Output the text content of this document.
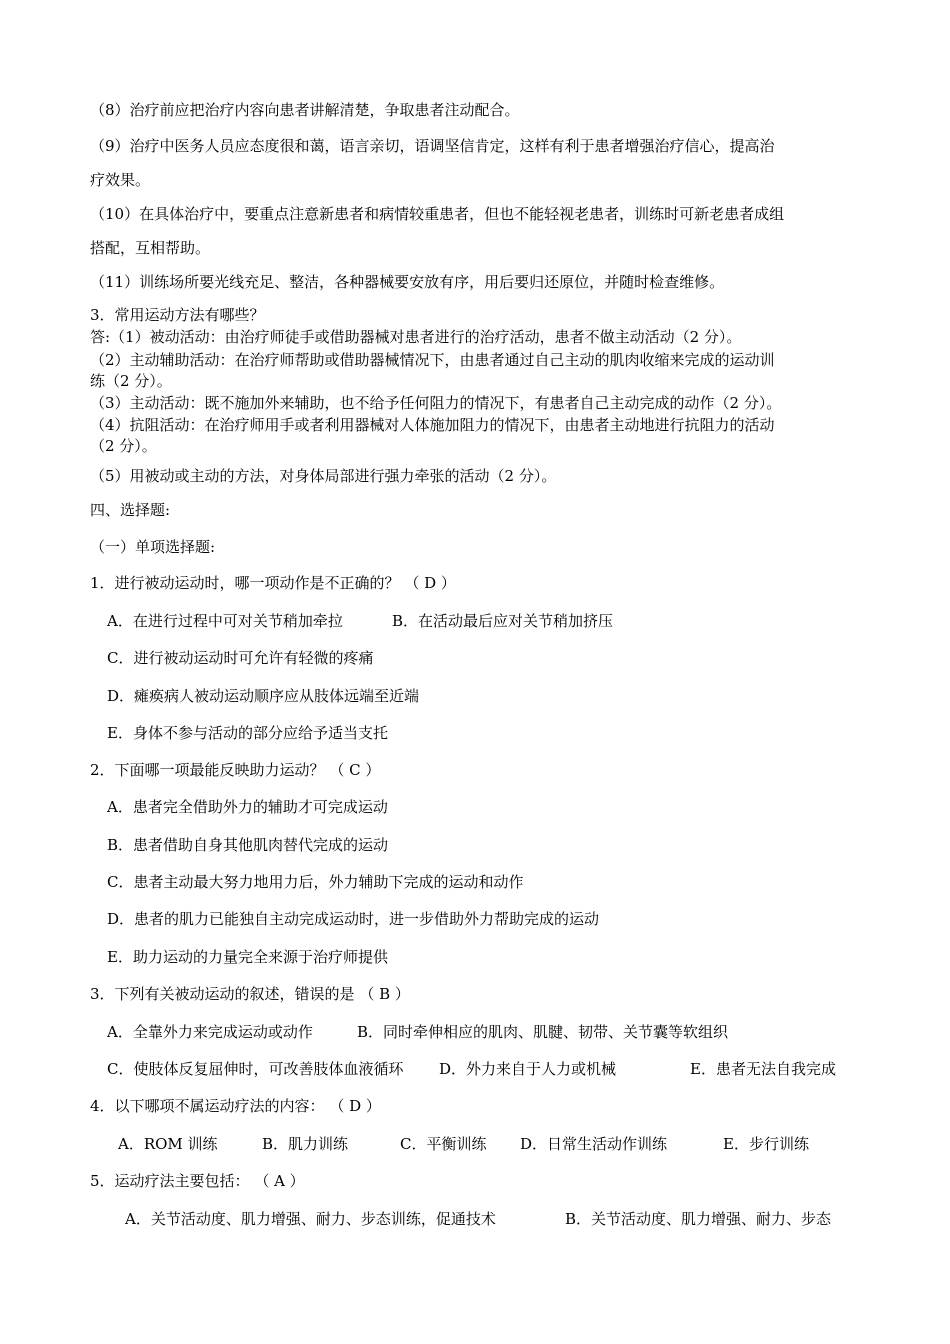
（8）治疗前应把治疗内容向患者讲解清楚，争取患者注动配合。
（9）治疗中医务人员应态度很和蔼，语言亲切，语调坚信肯定，这样有利于患者增强治疗信心，提高治
疗效果。
（10）在具体治疗中，要重点注意新患者和病情较重患者，但也不能轻视老患者，训练时可新老患者成组
搭配，互相帮助。
（11）训练场所要光线充足、整洁，各种器械要安放有序，用后要归还原位，并随时检查维修。
3．常用运动方法有哪些？
答:（1）被动活动：由治疗师徒手或借助器械对患者进行的治疗活动，患者不做主动活动（2 分）。
（2）主动辅助活动：在治疗师帮助或借助器械情况下，由患者通过自己主动的肌肉收缩来完成的运动训
练（2 分）。
（3）主动活动：既不施加外来辅助，也不给予任何阻力的情况下，有患者自己主动完成的动作（2 分）。
（4）抗阻活动：在治疗师用手或者利用器械对人体施加阻力的情况下，由患者主动地进行抗阻力的活动
（2 分）。
（5）用被动或主动的方法，对身体局部进行强力牵张的活动（2 分）。
四、选择题:
（一）单项选择题:
1．进行被动运动时，哪一项动作是不正确的？ （ D ）
A．在进行过程中可对关节稍加牵拉	B．在活动最后应对关节稍加挤压
C．进行被动运动时可允许有轻微的疼痛
D．瘫痪病人被动运动顺序应从肢体远端至近端
E．身体不参与活动的部分应给予适当支托
2．下面哪一项最能反映助力运动？ （ C ）
A．患者完全借助外力的辅助才可完成运动
B．患者借助自身其他肌肉替代完成的运动
C．患者主动最大努力地用力后，外力辅助下完成的运动和动作
D．患者的肌力已能独自主动完成运动时，进一步借助外力帮助完成的运动
E．助力运动的力量完全来源于治疗师提供
3．下列有关被动运动的叙述，错误的是 （ B ）
A．全靠外力来完成运动或动作	B．同时牵伸相应的肌肉、肌腱、韧带、关节囊等软组织
C．使肢体反复屈伸时，可改善肢体血液循环 D．外力来自于人力或机械	E．患者无法自我完成
4．以下哪项不属运动疗法的内容： （ D ）
A．ROM 训练	B．肌力训练	C．平衡训练 D．日常生活动作训练	E．步行训练
5．运动疗法主要包括： （ A ）
A．关节活动度、肌力增强、耐力、步态训练，促通技术	B．关节活动度、肌力增强、耐力、步态
